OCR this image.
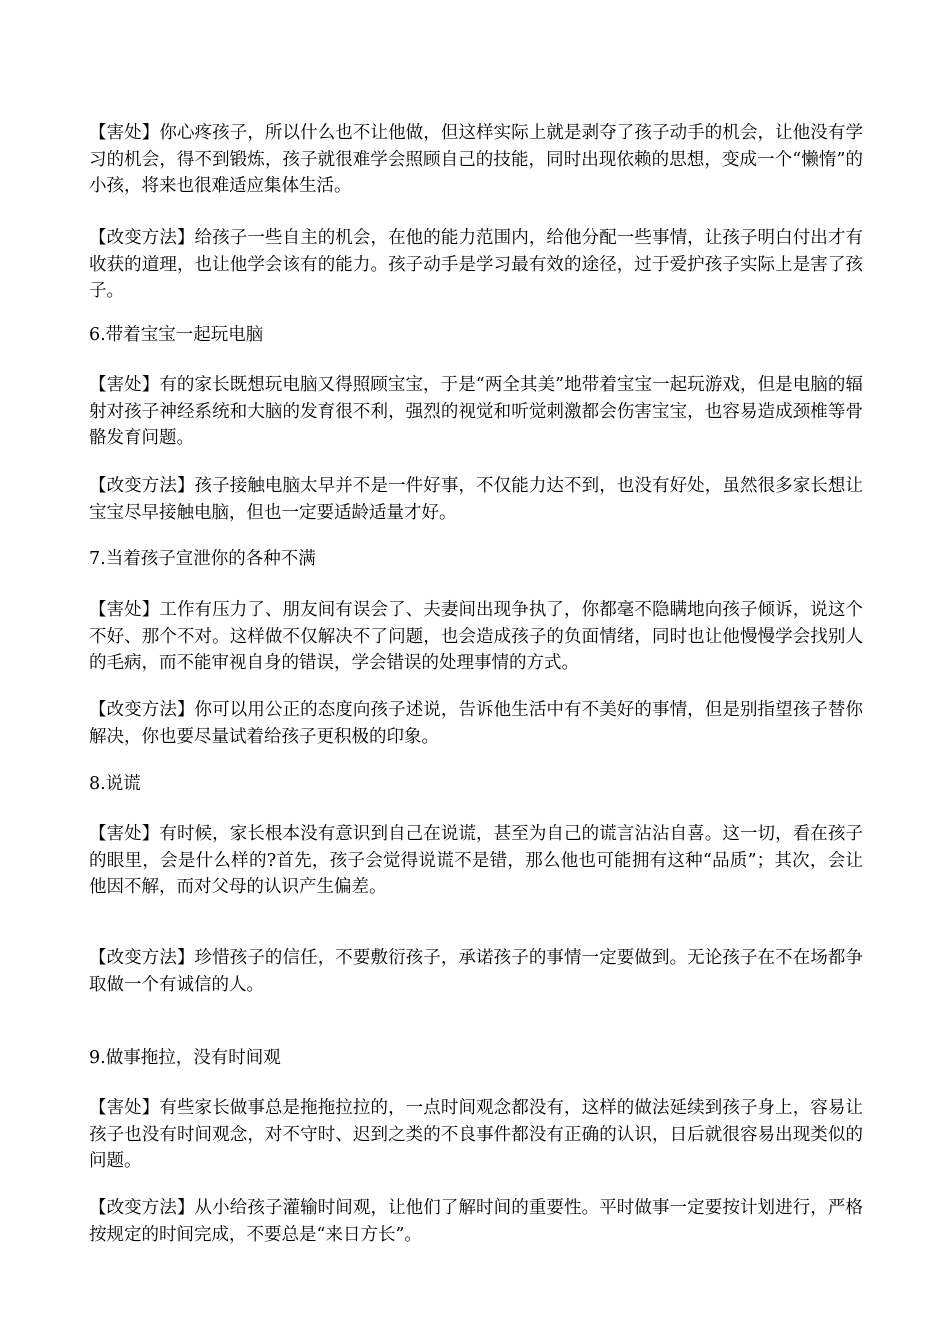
【害处】你心疼孩子，所以什么也不让他做，但这样实际上就是剥夺了孩子动手的机会，让他没有学习的机会，得不到锻炼，孩子就很难学会照顾自己的技能，同时出现依赖的思想，变成一个“懒惰”的小孩，将来也很难适应集体生活。

【改变方法】给孩子一些自主的机会，在他的能力范围内，给他分配一些事情，让孩子明白付出才有收获的道理，也让他学会该有的能力。孩子动手是学习最有效的途径，过于爱护孩子实际上是害了孩子。

6.带着宝宝一起玩电脑

【害处】有的家长既想玩电脑又得照顾宝宝，于是“两全其美”地带着宝宝一起玩游戏，但是电脑的辐射对孩子神经系统和大脑的发育很不利，强烈的视觉和听觉刺激都会伤害宝宝，也容易造成颈椎等骨骼发育问题。

【改变方法】孩子接触电脑太早并不是一件好事，不仅能力达不到，也没有好处，虽然很多家长想让宝宝尽早接触电脑，但也一定要适龄适量才好。

7.当着孩子宣泄你的各种不满

【害处】工作有压力了、朋友间有误会了、夫妻间出现争执了，你都毫不隐瞒地向孩子倾诉，说这个不好、那个不对。这样做不仅解决不了问题，也会造成孩子的负面情绪，同时也让他慢慢学会找别人的毛病，而不能审视自身的错误，学会错误的处理事情的方式。

【改变方法】你可以用公正的态度向孩子述说，告诉他生活中有不美好的事情，但是别指望孩子替你解决，你也要尽量试着给孩子更积极的印象。

8.说谎

【害处】有时候，家长根本没有意识到自己在说谎，甚至为自己的谎言沾沾自喜。这一切，看在孩子的眼里，会是什么样的?首先，孩子会觉得说谎不是错，那么他也可能拥有这种“品质”；其次，会让他因不解，而对父母的认识产生偏差。

【改变方法】珍惜孩子的信任，不要敷衍孩子，承诺孩子的事情一定要做到。无论孩子在不在场都争取做一个有诚信的人。

9.做事拖拉，没有时间观

【害处】有些家长做事总是拖拖拉拉的，一点时间观念都没有，这样的做法延续到孩子身上，容易让孩子也没有时间观念，对不守时、迟到之类的不良事件都没有正确的认识，日后就很容易出现类似的问题。

【改变方法】从小给孩子灌输时间观，让他们了解时间的重要性。平时做事一定要按计划进行，严格按规定的时间完成，不要总是“来日方长”。
